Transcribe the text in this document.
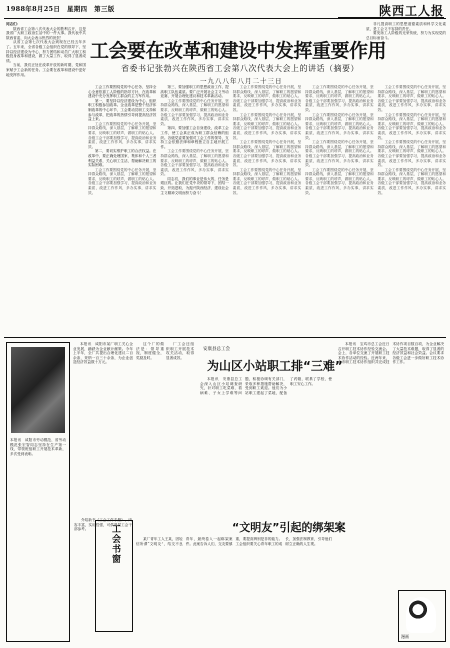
1988年8月25日　星期四　第三版	陕西工人报

同志们：

陕西省工会第八次代表大会的胜利召开，这是我省广大职工政治生活中的一件大事。我代表中共陕西省委，向大会表示热烈的祝贺！

从省工会第七次代表大会到现在已经五年多了。五年来，全省各级工会组织在党的领导下，坚持以经济建设为中心，努力团结和动员广大职工积极投身改革和建设，做了大量工作，取得了显著成绩。

当前，我们正处在改革开放的新时期，党和国家赋予工会新的任务。工会要在改革和建设中更好地发挥作用。

非凡提高职工的思想道德素质和科学文化素质，是工会义不容辞的责任。

要发扬工人阶级的光荣传统，努力为实现党的总目标而奋斗。

工会要在改革和建设中发挥重要作用
省委书记张勃兴在陕西省工会第八次代表大会上的讲话（摘要）
一九八八年八月二十三日

工会工作要围绕党的中心任务，坚持全心全意依靠工人阶级的指导方针，在改革和建设中充分发挥职工群众的主力军作用。

第一，要坚持以经济建设为中心，组织职工积极参加改革。企业改革是整个经济体制改革的中心环节，工会要动员职工支持和参与改革，把改革的热情引导到提高经济效益上来。

工会工作要围绕党的中心任务开展，坚持群众路线，深入基层，了解职工的愿望和要求，反映职工的呼声，做职工的贴心人。各级工会干部要加强学习，提高政治和业务素质，改进工作作风，多办实事，讲求实效。

第二，要切实维护职工的合法权益。在改革中，要正确处理国家、集体和个人三者利益关系，关心职工生活，帮助解决职工的实际困难。

工会工作要围绕党的中心任务开展，坚持群众路线，深入基层，了解职工的愿望和要求，反映职工的呼声，做职工的贴心人。各级工会干部要加强学习，提高政治和业务素质，改进工作作风，多办实事，讲求实效。

第三，要加强职工的思想政治工作，提高职工队伍素质。要广泛开展社会主义劳动竞赛，开展合理化建议和技术革新活动。

工会工作要围绕党的中心任务开展，坚持群众路线，深入基层，了解职工的愿望和要求，反映职工的呼声，做职工的贴心人。各级工会干部要加强学习，提高政治和业务素质，改进工作作风，多办实事，讲求实效。

第四，要加强工会自身建设，改革工会工作，使工会真正成为职工群众信赖的组织。各级党委要加强对工会工作的领导，支持工会依照法律和章程独立自主地开展工作。

工会工作要围绕党的中心任务开展，坚持群众路线，深入基层，了解职工的愿望和要求，反映职工的呼声，做职工的贴心人。各级工会干部要加强学习，提高政治和业务素质，改进工作作风，多办实事，讲求实效。

同志们，我们的事业是伟大的，任务是艰巨的。让我们在党中央的领导下，团结一致，开拓进取，为振兴陕西经济、建设社会主义精神文明而努力奋斗！

工会工作要围绕党的中心任务开展，坚持群众路线，深入基层，了解职工的愿望和要求，反映职工的呼声，做职工的贴心人。各级工会干部要加强学习，提高政治和业务素质，改进工作作风，多办实事，讲求实效。

工会工作要围绕党的中心任务开展，坚持群众路线，深入基层，了解职工的愿望和要求，反映职工的呼声，做职工的贴心人。各级工会干部要加强学习，提高政治和业务素质，改进工作作风，多办实事，讲求实效。

工会工作要围绕党的中心任务开展，坚持群众路线，深入基层，了解职工的愿望和要求，反映职工的呼声，做职工的贴心人。各级工会干部要加强学习，提高政治和业务素质，改进工作作风，多办实事，讲求实效。

工会工作要围绕党的中心任务开展，坚持群众路线，深入基层，了解职工的愿望和要求，反映职工的呼声，做职工的贴心人。各级工会干部要加强学习，提高政治和业务素质，改进工作作风，多办实事，讲求实效。

工会工作要围绕党的中心任务开展，坚持群众路线，深入基层，了解职工的愿望和要求，反映职工的呼声，做职工的贴心人。各级工会干部要加强学习，提高政治和业务素质，改进工作作风，多办实事，讲求实效。

工会工作要围绕党的中心任务开展，坚持群众路线，深入基层，了解职工的愿望和要求，反映职工的呼声，做职工的贴心人。各级工会干部要加强学习，提高政治和业务素质，改进工作作风，多办实事，讲求实效。

工会工作要围绕党的中心任务开展，坚持群众路线，深入基层，了解职工的愿望和要求，反映职工的呼声，做职工的贴心人。各级工会干部要加强学习，提高政治和业务素质，改进工作作风，多办实事，讲求实效。

工会工作要围绕党的中心任务开展，坚持群众路线，深入基层，了解职工的愿望和要求，反映职工的呼声，做职工的贴心人。各级工会干部要加强学习，提高政治和业务素质，改进工作作风，多办实事，讲求实效。

工会工作要围绕党的中心任务开展，坚持群众路线，深入基层，了解职工的愿望和要求，反映职工的呼声，做职工的贴心人。各级工会干部要加强学习，提高政治和业务素质，改进工作作风，多办实事，讲求实效。

工会工作要围绕党的中心任务开展，坚持群众路线，深入基层，了解职工的愿望和要求，反映职工的呼声，做职工的贴心人。各级工会干部要加强学习，提高政治和业务素质，改进工作作风，多办实事，讲求实效。

工会工作要围绕党的中心任务开展，坚持群众路线，深入基层，了解职工的愿望和要求，反映职工的呼声，做职工的贴心人。各级工会干部要加强学习，提高政治和业务素质，改进工作作风，多办实事，讲求实效。

工会工作要围绕党的中心任务开展，坚持群众路线，深入基层，了解职工的愿望和要求，反映职工的呼声，做职工的贴心人。各级工会干部要加强学习，提高政治和业务素质，改进工作作风，多办实事，讲求实效。

本报讯　咸阳市劳动模范、省劳动模范张宏智同志坚持在生产第一线，带领班组职工开展技术革新，多次受到表彰。

本报讯　咸阳市某厂职工关心企业发展，踊跃为企业献计献策。今年上半年，全厂共提出合理化建议二百余条，采纳一百三十余条，为企业创造经济效益数十万元。

这个厂的做法是：领导重视，制度健全，奖励及时。

厂工会还组织职工开展技术攻关活动，取得显著成效。

安康县总工会
为山区小站职工排“三难”

本报讯　安康县总工会深入山区小站调查研究，针对职工吃菜难、看病难、子女上学难等问题，积极协调有关部门，采取多种措施帮助解决，受到职工欢迎。他们为小站职工建起了菜地，配备了药箱，联系了学校，使职工安心工作。

工会书窗

介绍新书《工会工作手册》，内容丰富，实用性强，可供基层工会干部参考。	“文明友”引起的绑架案

某厂青年工人王某，因轻信所谓“文明友”，结交不良青年，最终卷入一起绑架案件。此案告诉人们，交友要慎重，要提高辨别是非的能力。工会组织要关心青年职工的成长，加强法制教育，引导他们树立正确的人生观。

本报讯　宝鸡市总工会近日召开职工技术协作经验交流会。会上，各单位交流了开展职工技术协作活动的经验。近两年来，全市职工技术协作组织共完成技术协作项目数百项，为企业解决了大量技术难题，取得了显著的经济效益和社会效益。会议要求各级工会进一步做好职工技术协作工作。

漫画
